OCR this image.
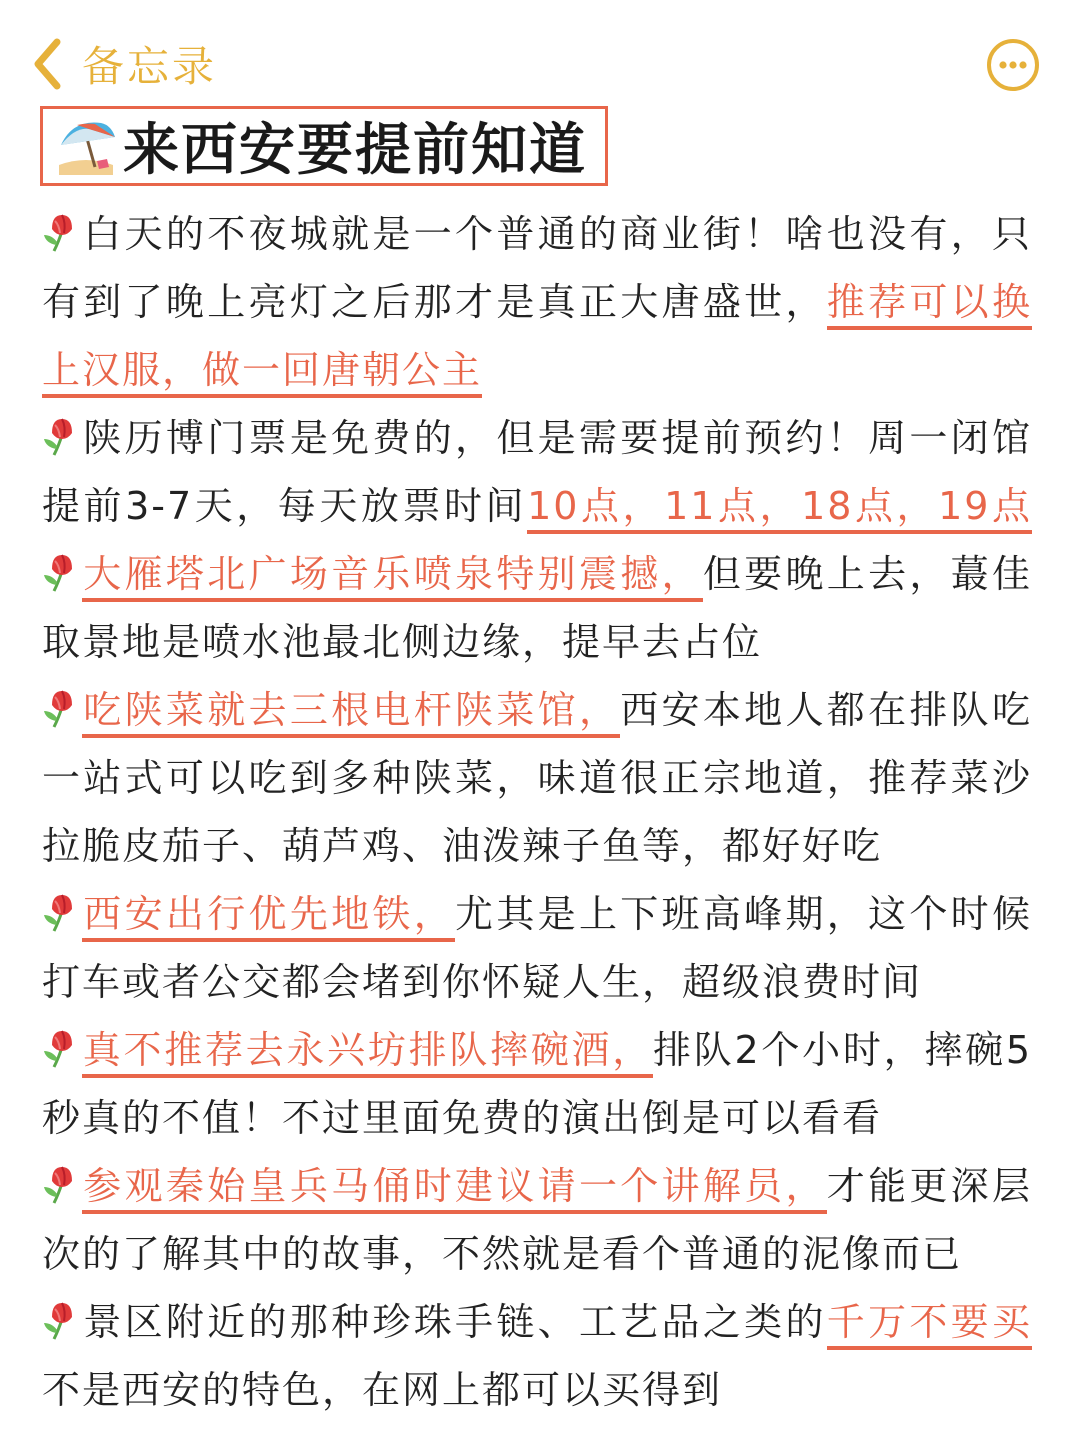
备忘录
来西安要提前知道
白天的不夜城就是一个普通的商业街！啥也没有，只
有到了晚上亮灯之后那才是真正大唐盛世，推荐可以换
上汉服，做一回唐朝公主
陕历博门票是免费的，但是需要提前预约！周一闭馆
提前3-7天，每天放票时间10点，11点，18点，19点
大雁塔北广场音乐喷泉特别震撼，但要晚上去，蕞佳
取景地是喷水池最北侧边缘，提早去占位
吃陕菜就去三根电杆陕菜馆，西安本地人都在排队吃
一站式可以吃到多种陕菜，味道很正宗地道，推荐菜沙
拉脆皮茄子、葫芦鸡、油泼辣子鱼等，都好好吃
西安出行优先地铁，尤其是上下班高峰期，这个时候
打车或者公交都会堵到你怀疑人生，超级浪费时间
真不推荐去永兴坊排队摔碗酒，排队2个小时，摔碗5
秒真的不值！不过里面免费的演出倒是可以看看
参观秦始皇兵马俑时建议请一个讲解员，才能更深层
次的了解其中的故事，不然就是看个普通的泥像而已
景区附近的那种珍珠手链、工艺品之类的千万不要买
不是西安的特色，在网上都可以买得到
